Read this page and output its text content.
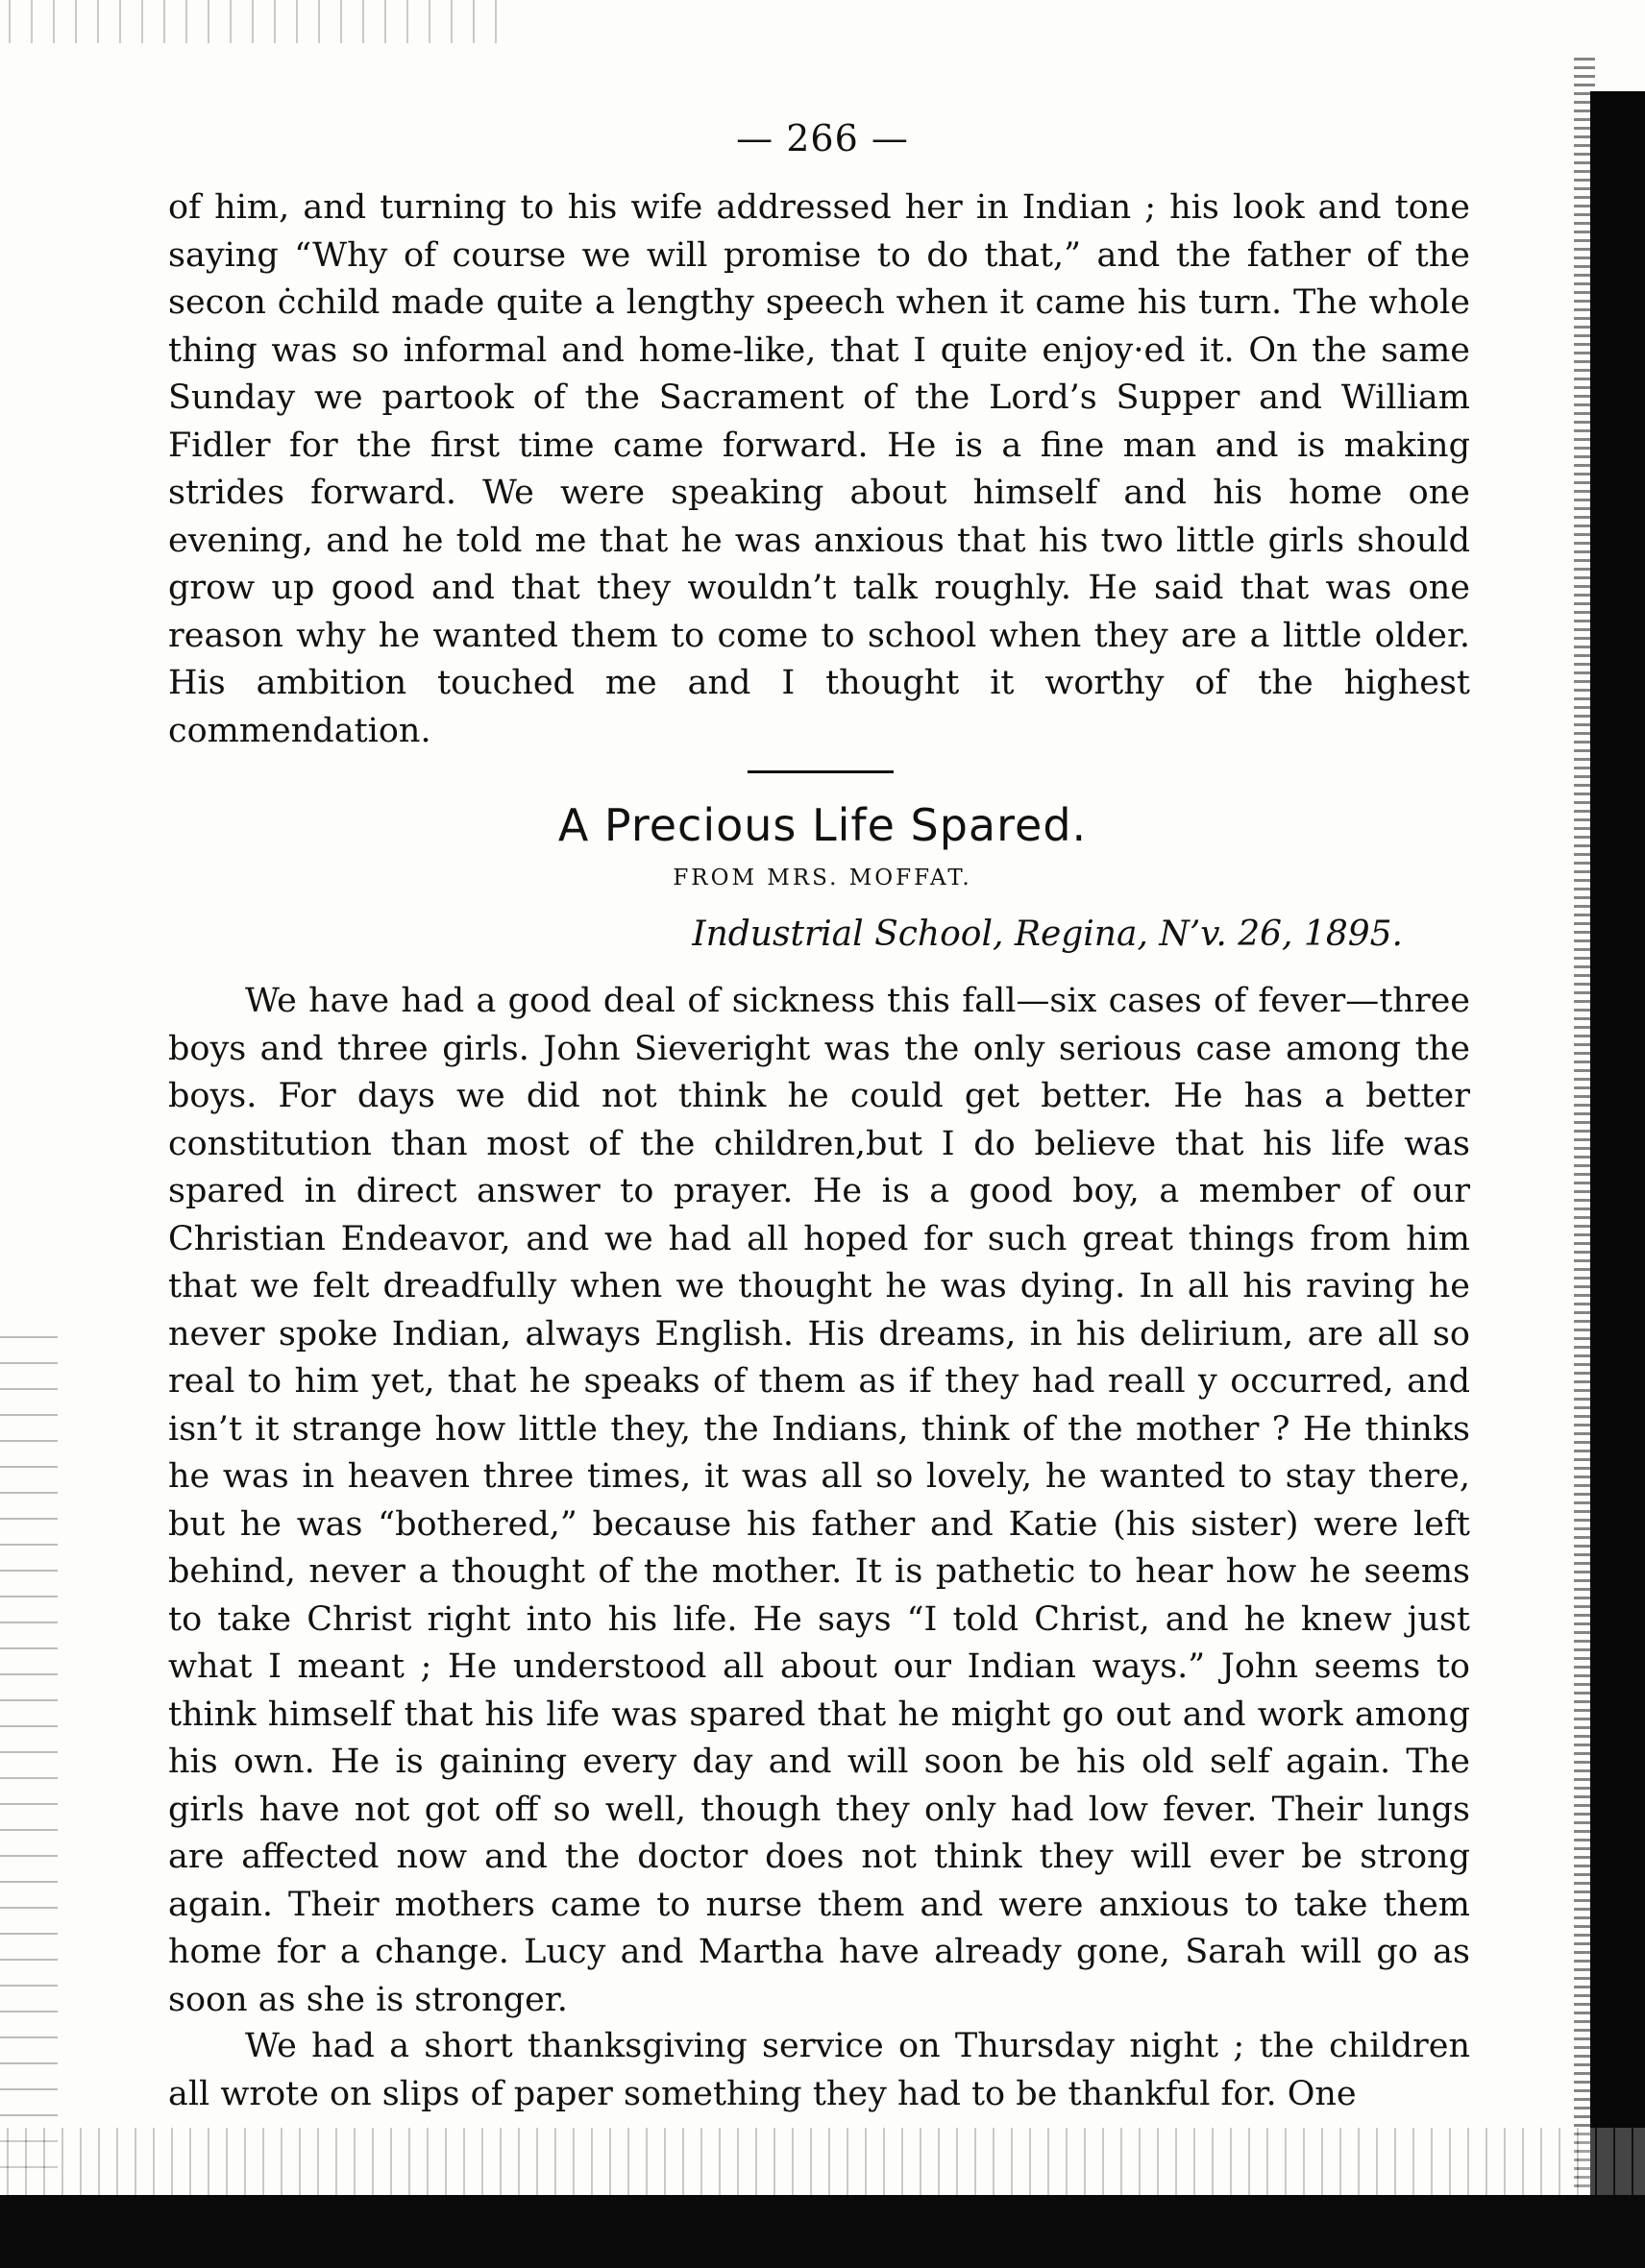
— 266 —

of him, and turning to his wife addressed her in Indian ; his look and tone saying “Why of course we will promise to do that,” and the father of the secon ċchild made quite a lengthy speech when it came his turn. The whole thing was so informal and home-like, that I quite enjoy·ed it. On the same Sunday we partook of the Sacrament of the Lord’s Supper and William Fidler for the first time came forward. He is a fine man and is making strides forward. We were speaking about himself and his home one evening, and he told me that he was anxious that his two little girls should grow up good and that they wouldn’t talk roughly. He said that was one reason why he wanted them to come to school when they are a little older. His ambition touched me and I thought it worthy of the highest commendation.

A Precious Life Spared.

FROM MRS. MOFFAT.

Industrial School, Regina, N’v. 26, 1895.

We have had a good deal of sickness this fall—six cases of fever—three boys and three girls. John Sieveright was the only serious case among the boys. For days we did not think he could get better. He has a better constitution than most of the children,but I do believe that his life was spared in direct answer to prayer. He is a good boy, a member of our Christian Endeavor, and we had all hoped for such great things from him that we felt dreadfully when we thought he was dying. In all his raving he never spoke Indian, always English. His dreams, in his delirium, are all so real to him yet, that he speaks of them as if they had reall y occurred, and isn’t it strange how little they, the Indians, think of the mother ? He thinks he was in heaven three times, it was all so lovely, he wanted to stay there, but he was “bothered,” because his father and Katie (his sister) were left behind, never a thought of the mother. It is pathetic to hear how he seems to take Christ right into his life. He says “I told Christ, and he knew just what I meant ; He understood all about our Indian ways.” John seems to think himself that his life was spared that he might go out and work among his own. He is gaining every day and will soon be his old self again. The girls have not got off so well, though they only had low fever. Their lungs are affected now and the doctor does not think they will ever be strong again. Their mothers came to nurse them and were anxious to take them home for a change. Lucy and Martha have already gone, Sarah will go as soon as she is stronger.

We had a short thanksgiving service on Thursday night ; the children all wrote on slips of paper something they had to be thankful for. One
